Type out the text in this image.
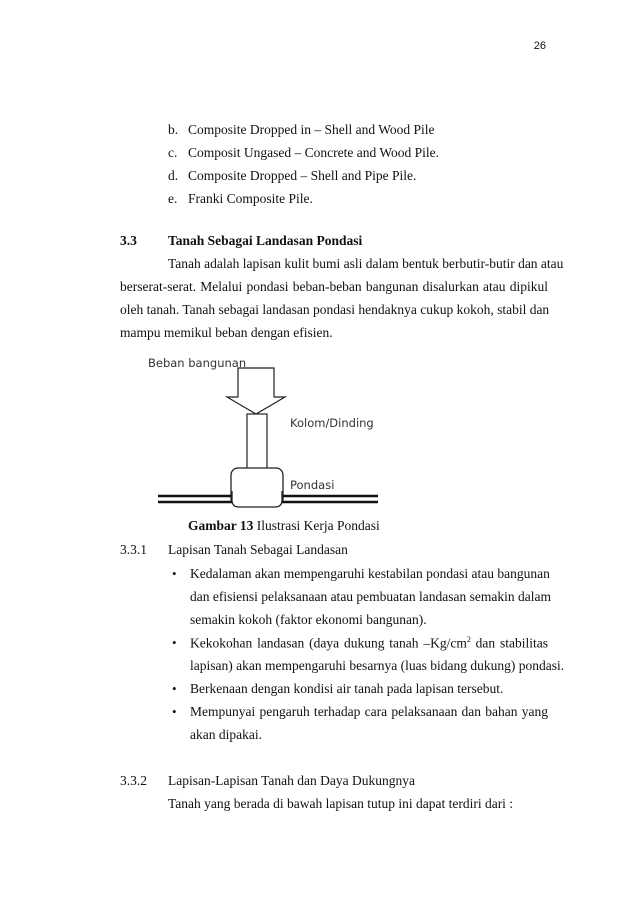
26
b. Composite Dropped in – Shell and Wood Pile
c. Composit Ungased – Concrete and Wood Pile.
d. Composite Dropped – Shell and Pipe Pile.
e. Franki Composite Pile.
3.3 Tanah Sebagai Landasan Pondasi
Tanah adalah lapisan kulit bumi asli dalam bentuk berbutir-butir dan atau
berserat-serat. Melalui pondasi beban-beban bangunan disalurkan atau dipikul
oleh tanah. Tanah sebagai landasan pondasi hendaknya cukup kokoh, stabil dan
mampu memikul beban dengan efisien.
Beban bangunan
Kolom/Dinding
Pondasi
Gambar 13 Ilustrasi Kerja Pondasi
3.3.1 Lapisan Tanah Sebagai Landasan
• Kedalaman akan mempengaruhi kestabilan pondasi atau bangunan
dan efisiensi pelaksanaan atau pembuatan landasan semakin dalam
semakin kokoh (faktor ekonomi bangunan).
• Kekokohan landasan (daya dukung tanah $-Kg/cm^2$ dan stabilitas
lapisan) akan mempengaruhi besarnya (luas bidang dukung) pondasi.
• Berkenaan dengan kondisi air tanah pada lapisan tersebut.
• Mempunyai pengaruh terhadap cara pelaksanaan dan bahan yang
akan dipakai.
3.3.2 Lapisan-Lapisan Tanah dan Daya Dukungnya
Tanah yang berada di bawah lapisan tutup ini dapat terdiri dari :
